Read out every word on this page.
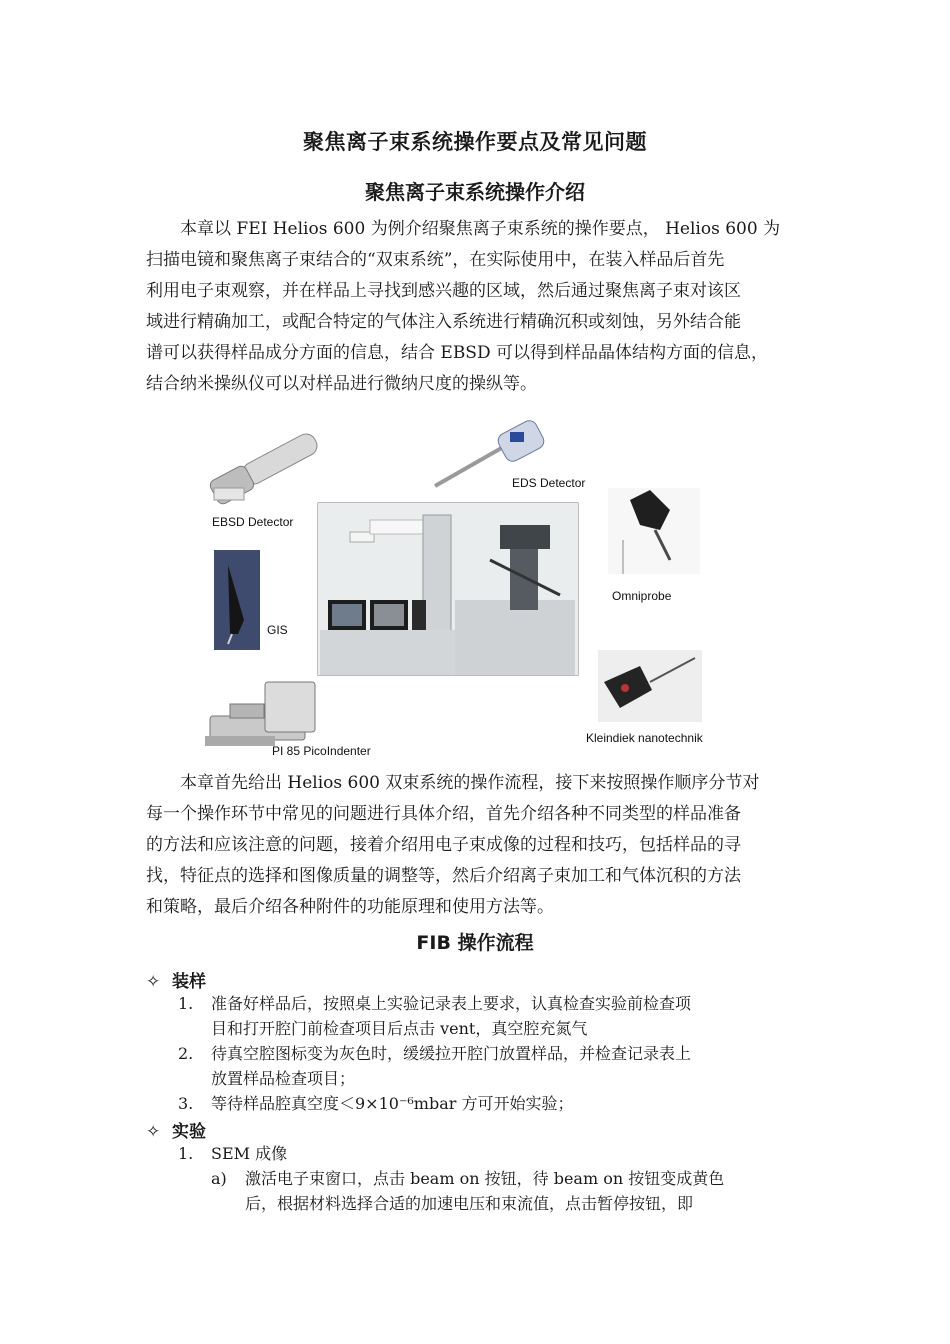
聚焦离子束系统操作要点及常见问题
聚焦离子束系统操作介绍
本章以 FEI Helios 600 为例介绍聚焦离子束系统的操作要点， Helios 600 为
扫描电镜和聚焦离子束结合的“双束系统”，在实际使用中，在装入样品后首先
利用电子束观察，并在样品上寻找到感兴趣的区域，然后通过聚焦离子束对该区
域进行精确加工，或配合特定的气体注入系统进行精确沉积或刻蚀，另外结合能
谱可以获得样品成分方面的信息，结合 EBSD 可以得到样品晶体结构方面的信息，
结合纳米操纵仪可以对样品进行微纳尺度的操纵等。
EDS Detector
EBSD Detector
GIS
Omniprobe
Kleindiek nanotechnik
PI 85 PicoIndenter
本章首先给出 Helios 600 双束系统的操作流程，接下来按照操作顺序分节对
每一个操作环节中常见的问题进行具体介绍，首先介绍各种不同类型的样品准备
的方法和应该注意的问题，接着介绍用电子束成像的过程和技巧，包括样品的寻
找，特征点的选择和图像质量的调整等，然后介绍离子束加工和气体沉积的方法
和策略，最后介绍各种附件的功能原理和使用方法等。
FIB 操作流程
✧ 装样
1. 准备好样品后，按照桌上实验记录表上要求，认真检查实验前检查项
目和打开腔门前检查项目后点击 vent，真空腔充氮气
2. 待真空腔图标变为灰色时，缓缓拉开腔门放置样品，并检查记录表上
放置样品检查项目；
3. 等待样品腔真空度＜9×10⁻⁶mbar 方可开始实验；
✧ 实验
1. SEM 成像
a) 激活电子束窗口，点击 beam on 按钮，待 beam on 按钮变成黄色
后，根据材料选择合适的加速电压和束流值，点击暂停按钮，即
